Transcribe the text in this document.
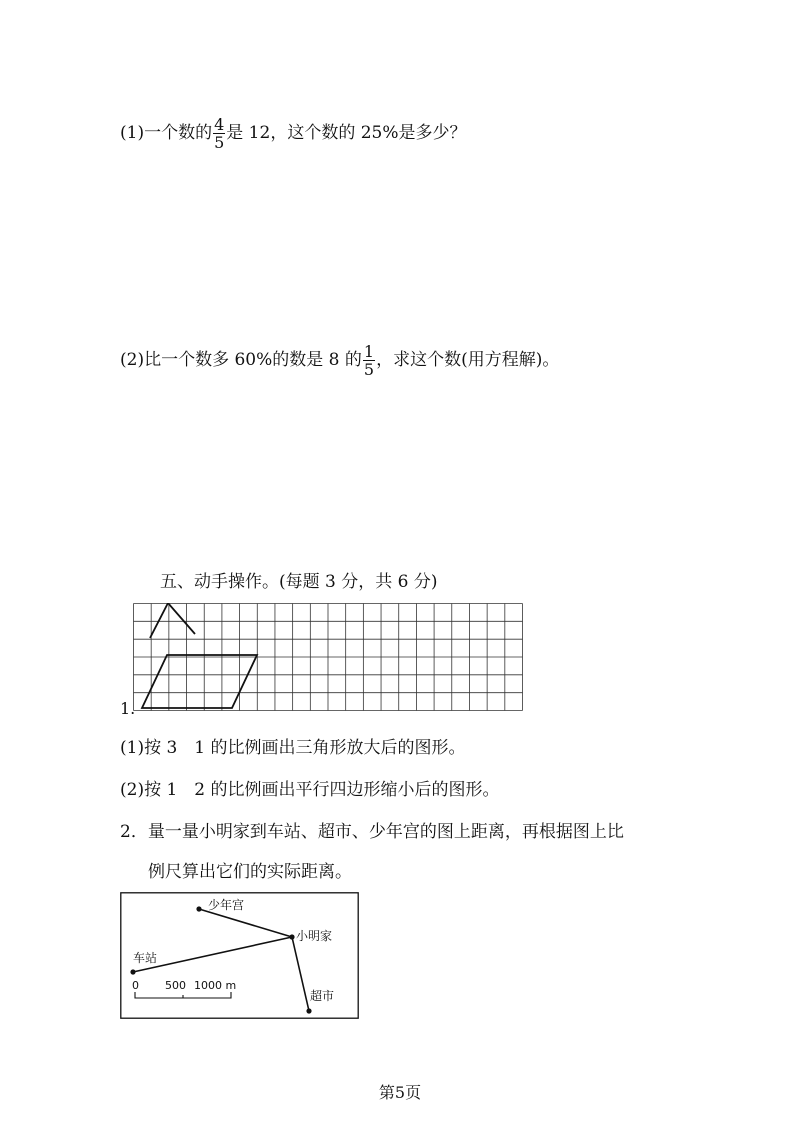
(1)一个数的 $\frac{4}{5}$ 是 12，这个数的 25%是多少？
(2)比一个数多 60%的数是 8 的 $\frac{1}{5}$ ，求这个数(用方程解)。
五、动手操作。(每题 3 分，共 6 分)
1.
(1)按 3　1 的比例画出三角形放大后的图形。
(2)按 1　2 的比例画出平行四边形缩小后的图形。
2．量一量小明家到车站、超市、少年宫的图上距离，再根据图上比
例尺算出它们的实际距离。
少年宫
小明家
车站
超市
0 500 1000 m
第5页
